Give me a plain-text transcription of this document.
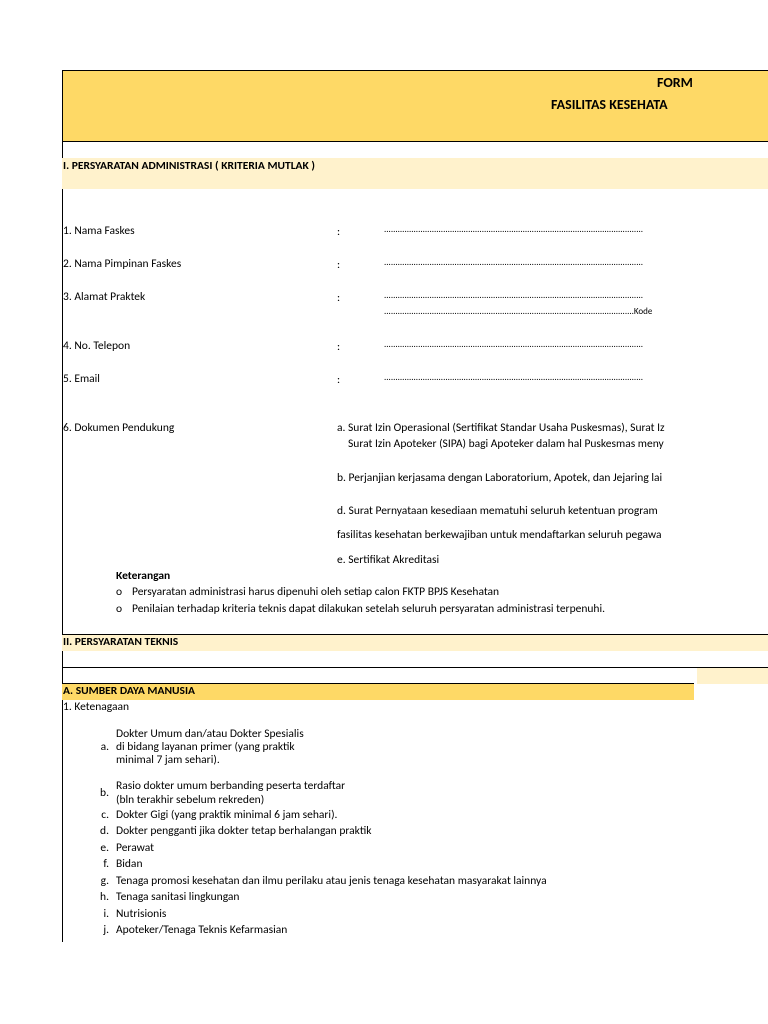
FORM
FASILITAS KESEHATA
I. PERSYARATAN ADMINISTRASI ( KRITERIA MUTLAK )
1. Nama Faskes	:	..................................................................................................................
2. Nama Pimpinan Faskes	:	..................................................................................................................
3. Alamat Praktek	:	..................................................................................................................
..............................................................................................................Kode
4. No. Telepon	:	..................................................................................................................
5. Email	:	..................................................................................................................
6. Dokumen Pendukung	a. Surat Izin Operasional (Sertifikat Standar Usaha Puskesmas), Surat Iz
Surat Izin Apoteker (SIPA) bagi Apoteker dalam hal Puskesmas meny
b. Perjanjian kerjasama dengan Laboratorium, Apotek, dan Jejaring lai
d. Surat Pernyataan kesediaan mematuhi seluruh ketentuan program
fasilitas kesehatan berkewajiban untuk mendaftarkan seluruh pegawa
e. Sertifikat Akreditasi
Keterangan
o Persyaratan administrasi harus dipenuhi oleh setiap calon FKTP BPJS Kesehatan
o Penilaian terhadap kriteria teknis dapat dilakukan setelah seluruh persyaratan administrasi terpenuhi.
II. PERSYARATAN TEKNIS
A. SUMBER DAYA MANUSIA
1. Ketenagaan
a.
Dokter Umum dan/atau Dokter Spesialis
di bidang layanan primer (yang praktik
minimal 7 jam sehari).
b. Rasio dokter umum berbanding peserta terdaftar
(bln terakhir sebelum rekreden)
c. Dokter Gigi (yang praktik minimal 6 jam sehari).
d. Dokter pengganti jika dokter tetap berhalangan praktik
e. Perawat
f. Bidan
g. Tenaga promosi kesehatan dan ilmu perilaku atau jenis tenaga kesehatan masyarakat lainnya
h. Tenaga sanitasi lingkungan
i. Nutrisionis
j. Apoteker/Tenaga Teknis Kefarmasian
